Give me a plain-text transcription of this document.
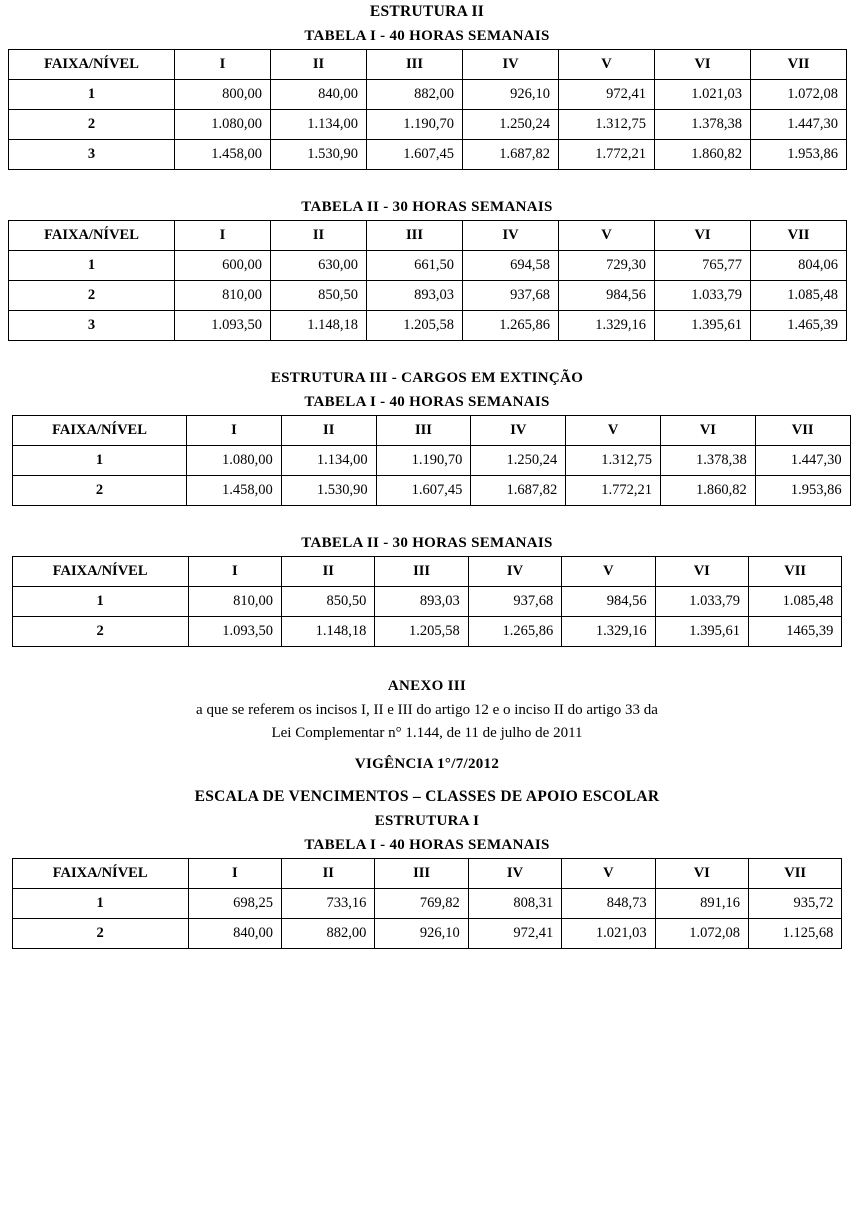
ESTRUTURA II

TABELA I - 40 HORAS SEMANAIS

FAIXA/NÍVEL	I	II	III	IV	V	VI	VII
1	800,00	840,00	882,00	926,10	972,41	1.021,03	1.072,08
2	1.080,00	1.134,00	1.190,70	1.250,24	1.312,75	1.378,38	1.447,30
3	1.458,00	1.530,90	1.607,45	1.687,82	1.772,21	1.860,82	1.953,86

TABELA II - 30 HORAS SEMANAIS

FAIXA/NÍVEL	I	II	III	IV	V	VI	VII
1	600,00	630,00	661,50	694,58	729,30	765,77	804,06
2	810,00	850,50	893,03	937,68	984,56	1.033,79	1.085,48
3	1.093,50	1.148,18	1.205,58	1.265,86	1.329,16	1.395,61	1.465,39

ESTRUTURA III - CARGOS EM EXTINÇÃO

TABELA I - 40 HORAS SEMANAIS

FAIXA/NÍVEL	I	II	III	IV	V	VI	VII
1	1.080,00	1.134,00	1.190,70	1.250,24	1.312,75	1.378,38	1.447,30
2	1.458,00	1.530,90	1.607,45	1.687,82	1.772,21	1.860,82	1.953,86

TABELA II - 30 HORAS SEMANAIS

FAIXA/NÍVEL	I	II	III	IV	V	VI	VII
1	810,00	850,50	893,03	937,68	984,56	1.033,79	1.085,48
2	1.093,50	1.148,18	1.205,58	1.265,86	1.329,16	1.395,61	1465,39

ANEXO III

a que se referem os incisos I, II e III do artigo 12 e o inciso II do artigo 33 da

Lei Complementar n° 1.144, de 11 de julho de 2011

VIGÊNCIA 1°/7/2012

ESCALA DE VENCIMENTOS – CLASSES DE APOIO ESCOLAR

ESTRUTURA I

TABELA I - 40 HORAS SEMANAIS

FAIXA/NÍVEL	I	II	III	IV	V	VI	VII
1	698,25	733,16	769,82	808,31	848,73	891,16	935,72
2	840,00	882,00	926,10	972,41	1.021,03	1.072,08	1.125,68
